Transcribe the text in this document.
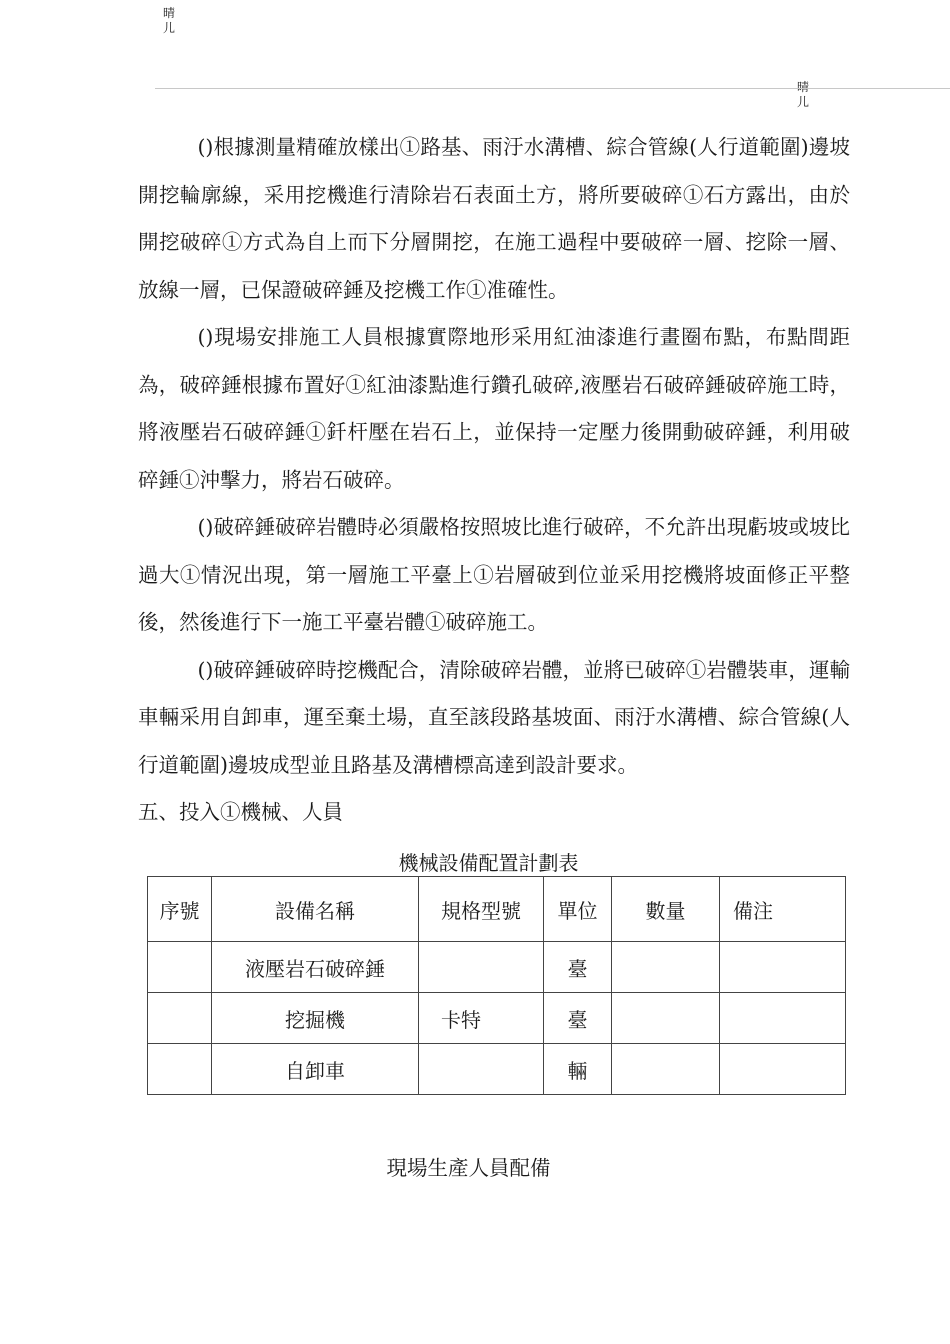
晴儿
晴儿

()根據測量精確放樣出①路基、雨汙水溝槽、綜合管線(人行道範圍)邊坡開挖輪廓線，采用挖機進行清除岩石表面土方，將所要破碎①石方露出，由於開挖破碎①方式為自上而下分層開挖，在施工過程中要破碎一層、挖除一層、放線一層，已保證破碎錘及挖機工作①准確性。

()現場安排施工人員根據實際地形采用紅油漆進行畫圈布點，布點間距為，破碎錘根據布置好①紅油漆點進行鑽孔破碎,液壓岩石破碎錘破碎施工時，將液壓岩石破碎錘①釺杆壓在岩石上，並保持一定壓力後開動破碎錘，利用破碎錘①沖擊力，將岩石破碎。

()破碎錘破碎岩體時必須嚴格按照坡比進行破碎，不允許出現虧坡或坡比過大①情況出現，第一層施工平臺上①岩層破到位並采用挖機將坡面修正平整後，然後進行下一施工平臺岩體①破碎施工。

()破碎錘破碎時挖機配合，清除破碎岩體，並將已破碎①岩體裝車，運輸車輛采用自卸車，運至棄土場，直至該段路基坡面、雨汙水溝槽、綜合管線(人行道範圍)邊坡成型並且路基及溝槽標高達到設計要求。

五、投入①機械、人員

機械設備配置計劃表
序號	設備名稱	規格型號	單位	數量	備注
	液壓岩石破碎錘		臺		
	挖掘機	卡特	臺		
	自卸車		輛		
現場生產人員配備
